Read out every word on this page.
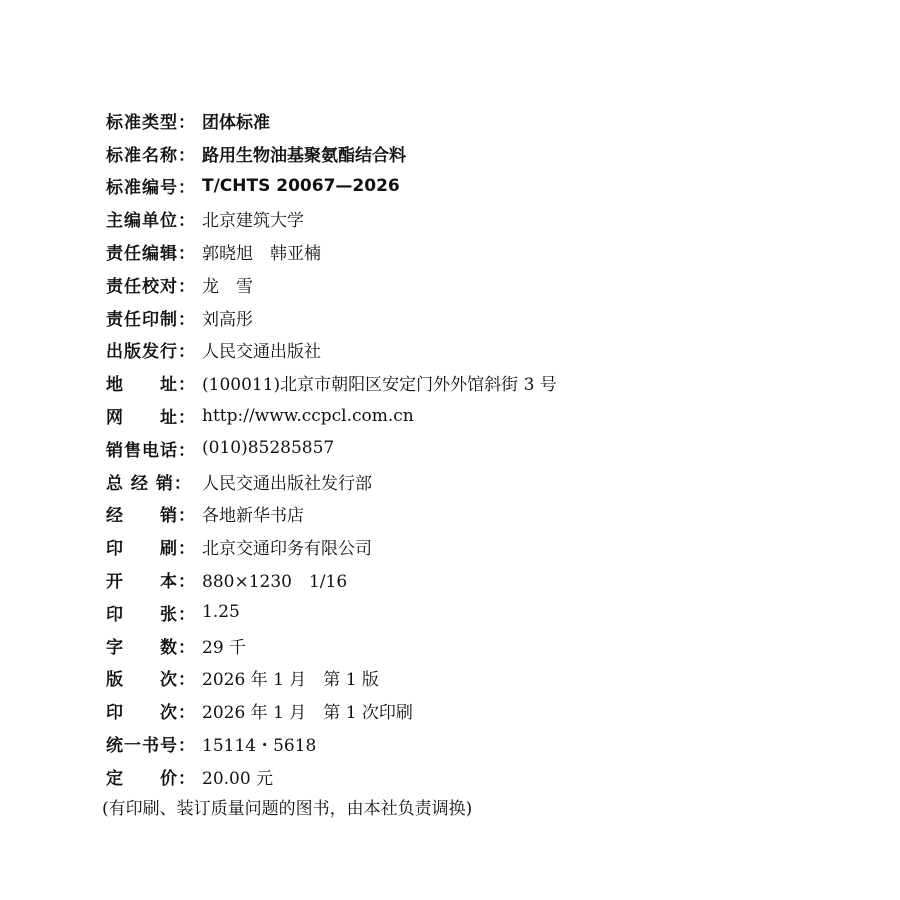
标准类型： 团体标准
标准名称： 路用生物油基聚氨酯结合料
标准编号： T/CHTS 20067—2026
主编单位： 北京建筑大学
责任编辑： 郭晓旭　韩亚楠
责任校对： 龙　雪
责任印制： 刘高彤
出版发行： 人民交通出版社
地　　址： (100011)北京市朝阳区安定门外外馆斜街 3 号
网　　址： http://www.ccpcl.com.cn
销售电话： (010)85285857
总 经 销： 人民交通出版社发行部
经　　销： 各地新华书店
印　　刷： 北京交通印务有限公司
开　　本： 880×1230　1/16
印　　张： 1.25
字　　数： 29 千
版　　次： 2026 年 1 月　第 1 版
印　　次： 2026 年 1 月　第 1 次印刷
统一书号： 15114・5618
定　　价： 20.00 元
(有印刷、装订质量问题的图书，由本社负责调换)
